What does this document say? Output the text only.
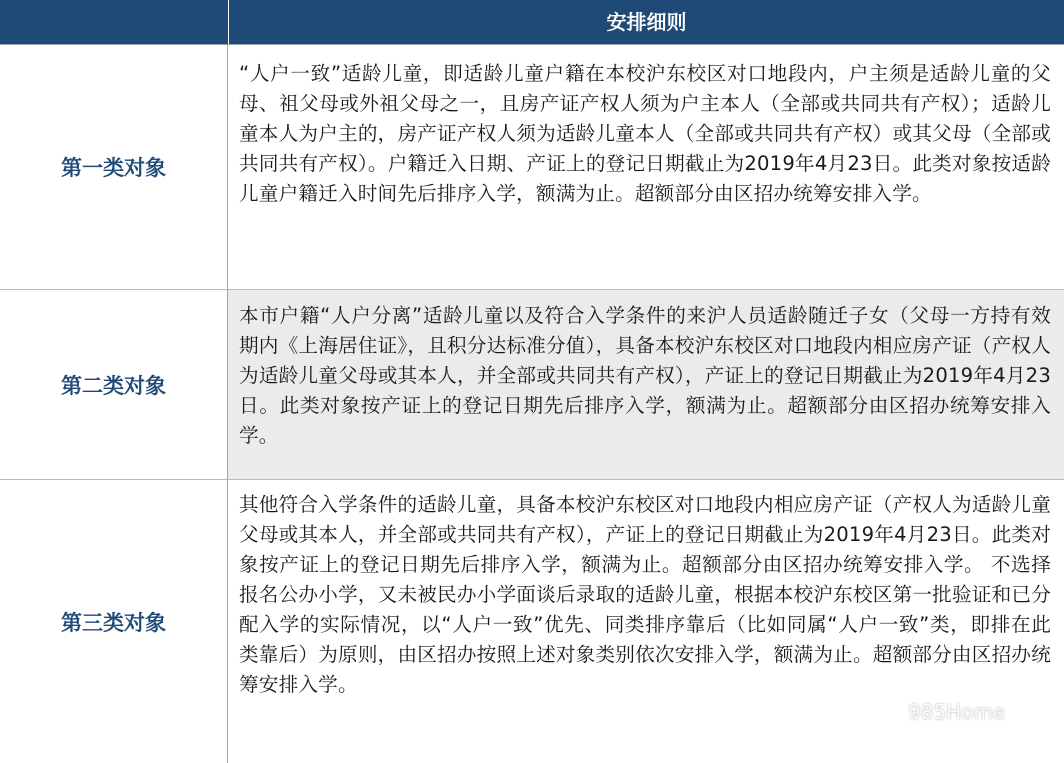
安排细则
第一类对象
“人户一致”适龄儿童，即适龄儿童户籍在本校沪东校区对口地段内，户主须是适龄儿童的父母、祖父母或外祖父母之一，且房产证产权人须为户主本人（全部或共同共有产权）；适龄儿童本人为户主的，房产证产权人须为适龄儿童本人（全部或共同共有产权）或其父母（全部或共同共有产权）。户籍迁入日期、产证上的登记日期截止为2019年4月23日。此类对象按适龄儿童户籍迁入时间先后排序入学，额满为止。超额部分由区招办统筹安排入学。
第二类对象
本市户籍“人户分离”适龄儿童以及符合入学条件的来沪人员适龄随迁子女（父母一方持有效期内《上海居住证》，且积分达标准分值），具备本校沪东校区对口地段内相应房产证（产权人为适龄儿童父母或其本人，并全部或共同共有产权），产证上的登记日期截止为2019年4月23日。此类对象按产证上的登记日期先后排序入学，额满为止。超额部分由区招办统筹安排入学。
第三类对象
其他符合入学条件的适龄儿童，具备本校沪东校区对口地段内相应房产证（产权人为适龄儿童父母或其本人，并全部或共同共有产权），产证上的登记日期截止为2019年4月23日。此类对象按产证上的登记日期先后排序入学，额满为止。超额部分由区招办统筹安排入学。 不选择报名公办小学，又未被民办小学面谈后录取的适龄儿童，根据本校沪东校区第一批验证和已分配入学的实际情况，以“人户一致”优先、同类排序靠后（比如同属“人户一致”类，即排在此类靠后）为原则，由区招办按照上述对象类别依次安排入学，额满为止。超额部分由区招办统筹安排入学。
985Home
